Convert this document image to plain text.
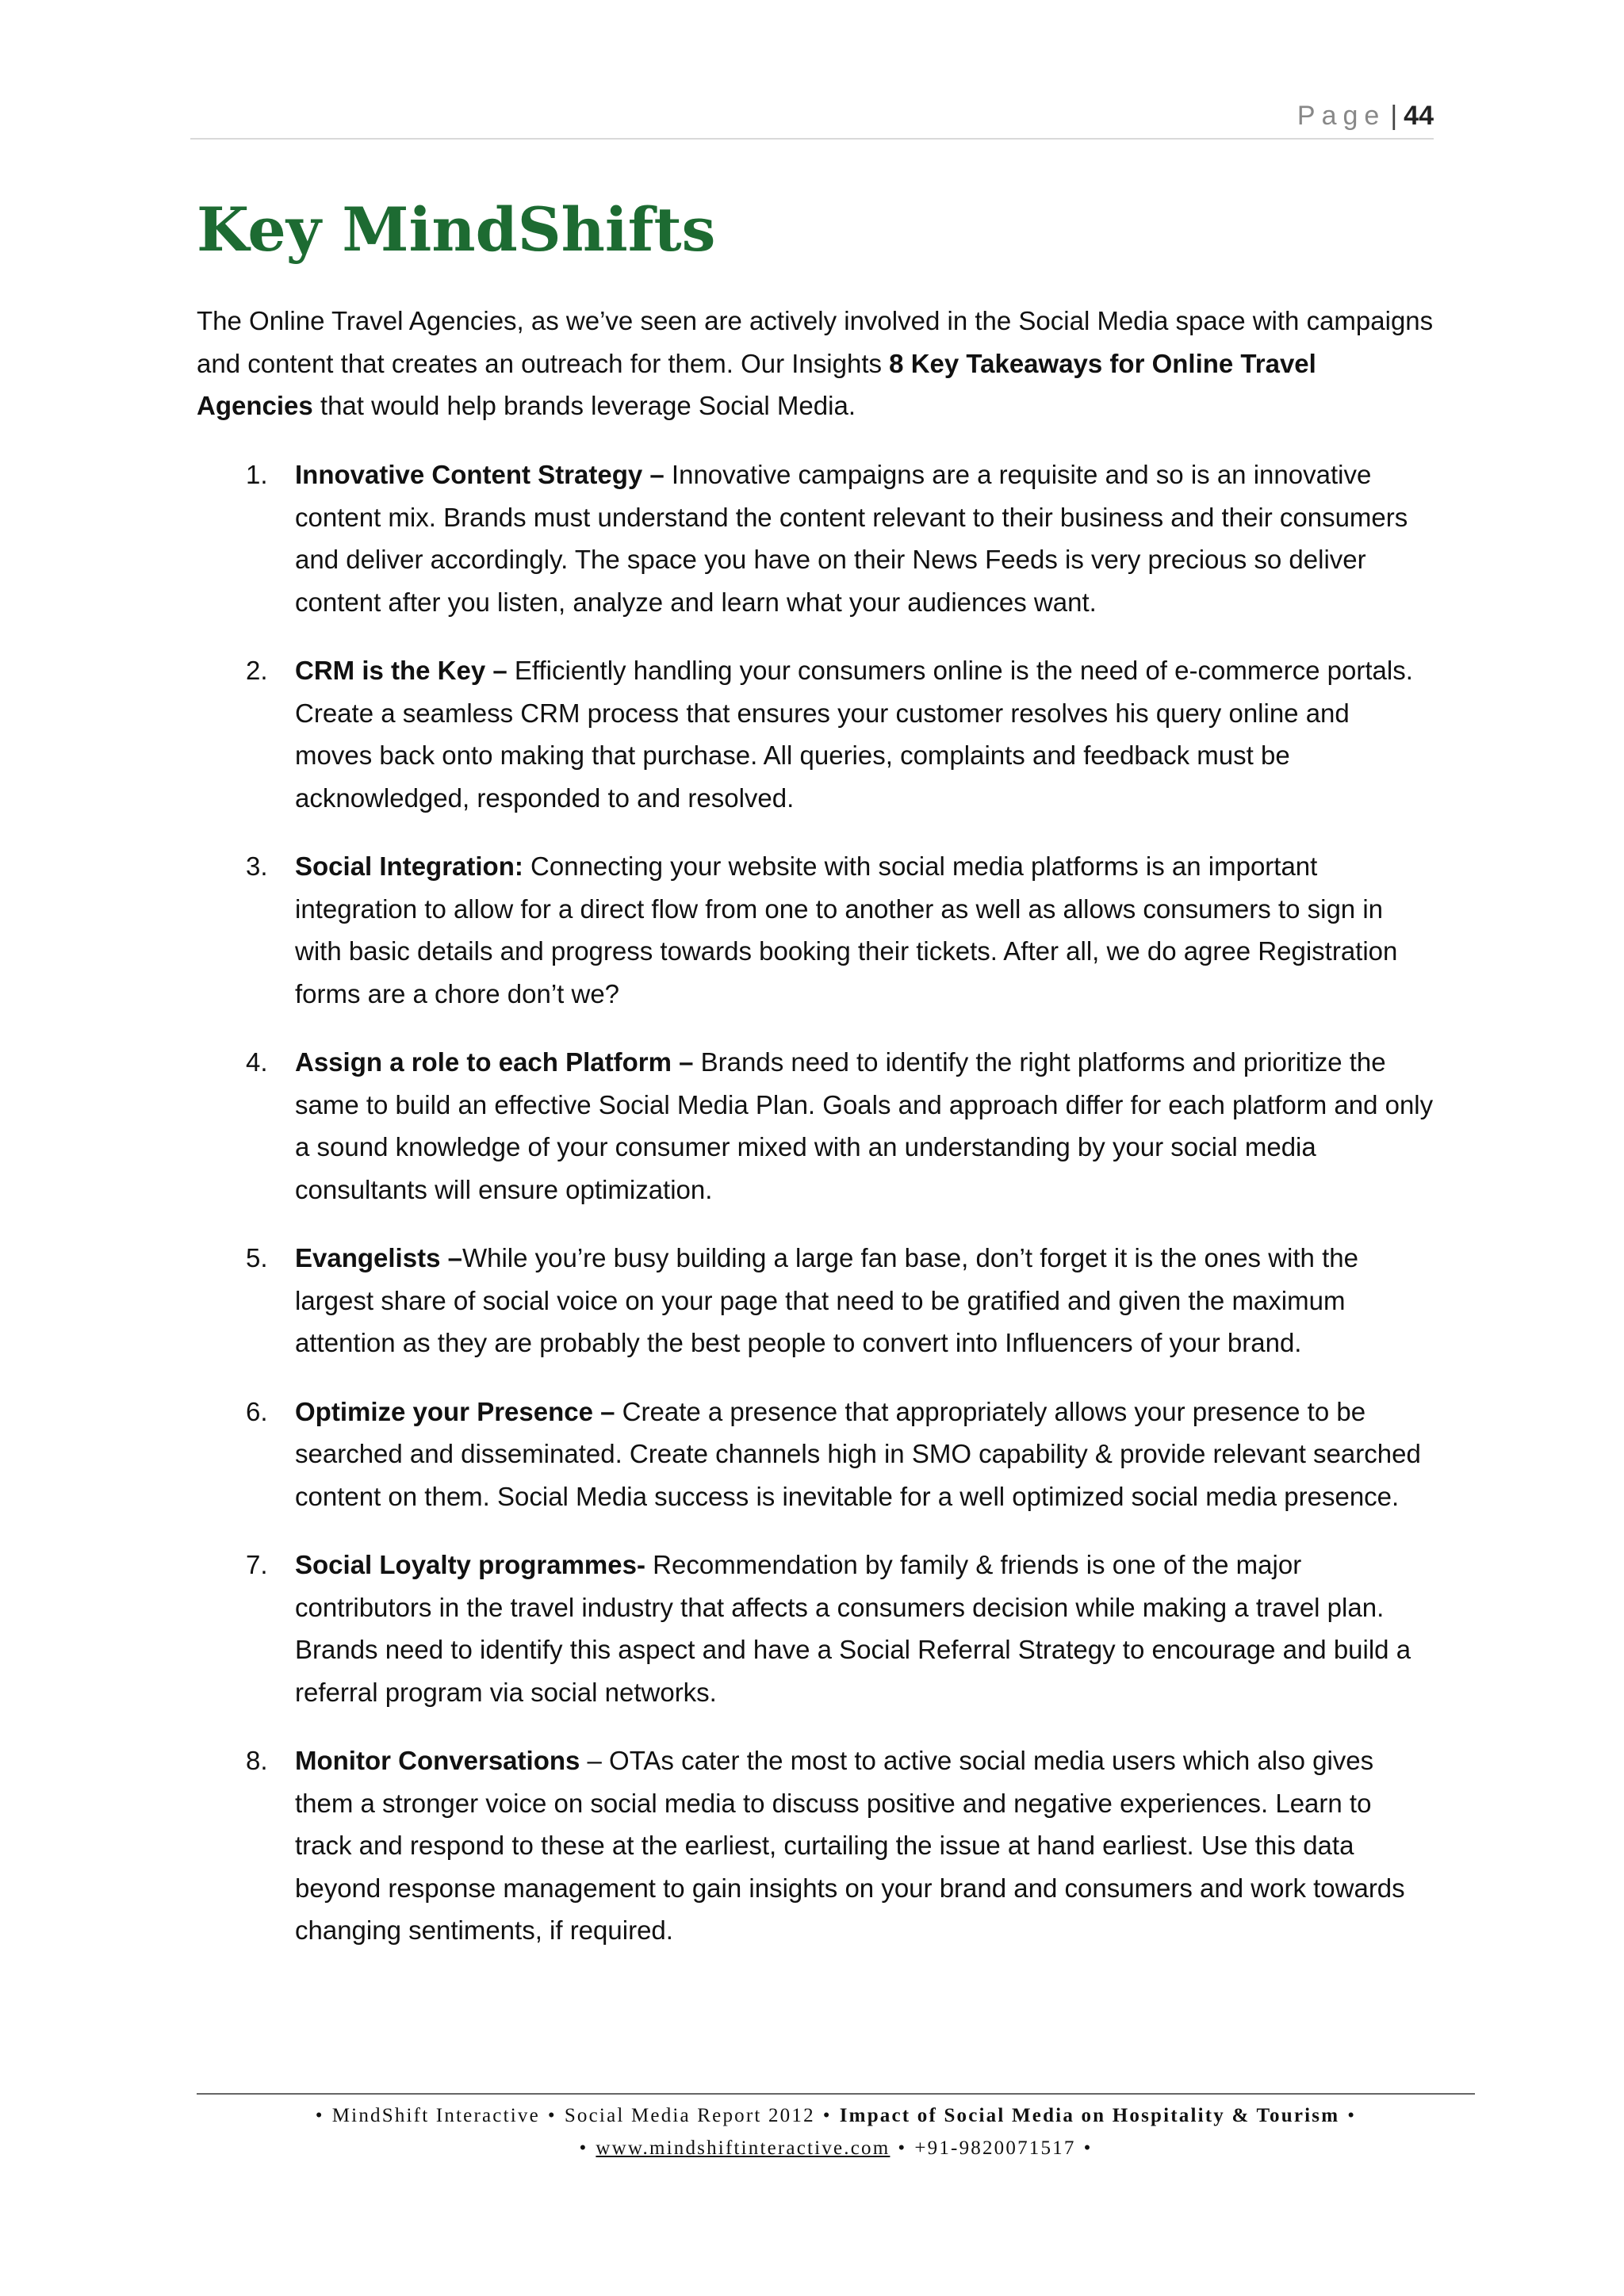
Page | 44
Key MindShifts

The Online Travel Agencies, as we’ve seen are actively involved in the Social Media space with campaigns and content that creates an outreach for them. Our Insights 8 Key Takeaways for Online Travel Agencies that would help brands leverage Social Media.

1. Innovative Content Strategy – Innovative campaigns are a requisite and so is an innovative content mix. Brands must understand the content relevant to their business and their consumers and deliver accordingly. The space you have on their News Feeds is very precious so deliver content after you listen, analyze and learn what your audiences want.
2. CRM is the Key – Efficiently handling your consumers online is the need of e-commerce portals. Create a seamless CRM process that ensures your customer resolves his query online and moves back onto making that purchase. All queries, complaints and feedback must be acknowledged, responded to and resolved.
3. Social Integration: Connecting your website with social media platforms is an important integration to allow for a direct flow from one to another as well as allows consumers to sign in with basic details and progress towards booking their tickets. After all, we do agree Registration forms are a chore don’t we?
4. Assign a role to each Platform – Brands need to identify the right platforms and prioritize the same to build an effective Social Media Plan. Goals and approach differ for each platform and only a sound knowledge of your consumer mixed with an understanding by your social media consultants will ensure optimization.
5. Evangelists –While you’re busy building a large fan base, don’t forget it is the ones with the largest share of social voice on your page that need to be gratified and given the maximum attention as they are probably the best people to convert into Influencers of your brand.
6. Optimize your Presence – Create a presence that appropriately allows your presence to be searched and disseminated. Create channels high in SMO capability & provide relevant searched content on them. Social Media success is inevitable for a well optimized social media presence.
7. Social Loyalty programmes- Recommendation by family & friends is one of the major contributors in the travel industry that affects a consumers decision while making a travel plan. Brands need to identify this aspect and have a Social Referral Strategy to encourage and build a referral program via social networks.
8. Monitor Conversations – OTAs cater the most to active social media users which also gives them a stronger voice on social media to discuss positive and negative experiences. Learn to track and respond to these at the earliest, curtailing the issue at hand earliest. Use this data beyond response management to gain insights on your brand and consumers and work towards changing sentiments, if required.
• MindShift Interactive • Social Media Report 2012 • Impact of Social Media on Hospitality & Tourism •
• www.mindshiftinteractive.com • +91-9820071517 •
